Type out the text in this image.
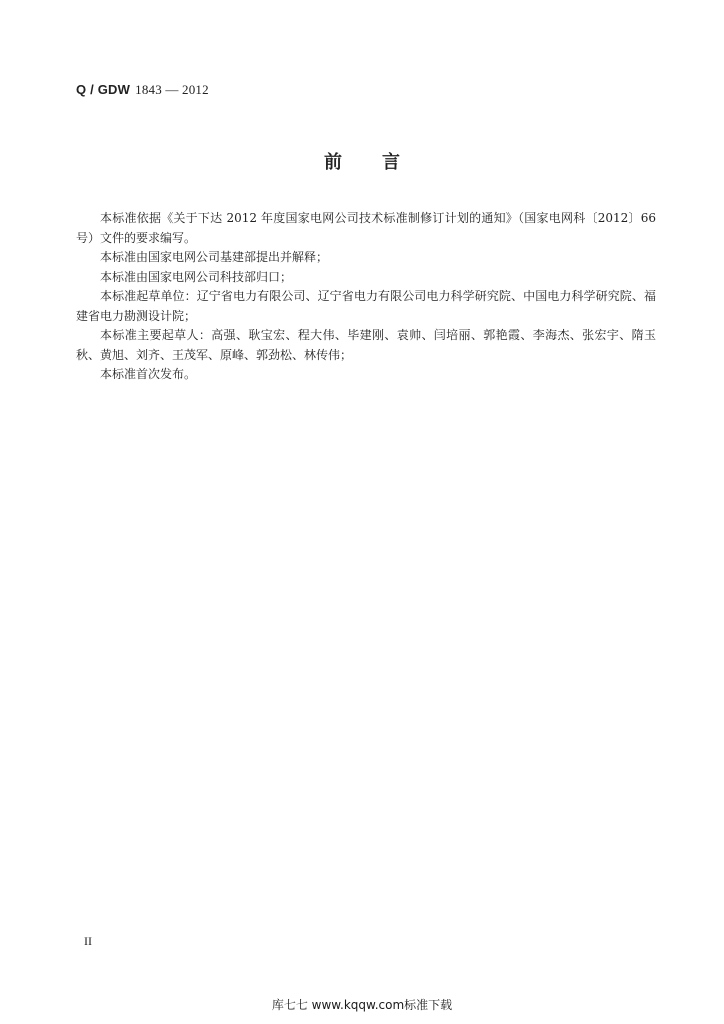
Q / GDW 1843 — 2012
前言

本标准依据《关于下达 2012 年度国家电网公司技术标准制修订计划的通知》（国家电网科〔2012〕66 号）文件的要求编写。

本标准由国家电网公司基建部提出并解释；

本标准由国家电网公司科技部归口；

本标准起草单位：辽宁省电力有限公司、辽宁省电力有限公司电力科学研究院、中国电力科学研究院、福建省电力勘测设计院；

本标准主要起草人：高强、耿宝宏、程大伟、毕建刚、袁帅、闫培丽、郭艳霞、李海杰、张宏宇、隋玉秋、黄旭、刘齐、王茂军、原峰、郭劲松、林传伟；

本标准首次发布。

II
库七七 www.kqqw.com标准下载
